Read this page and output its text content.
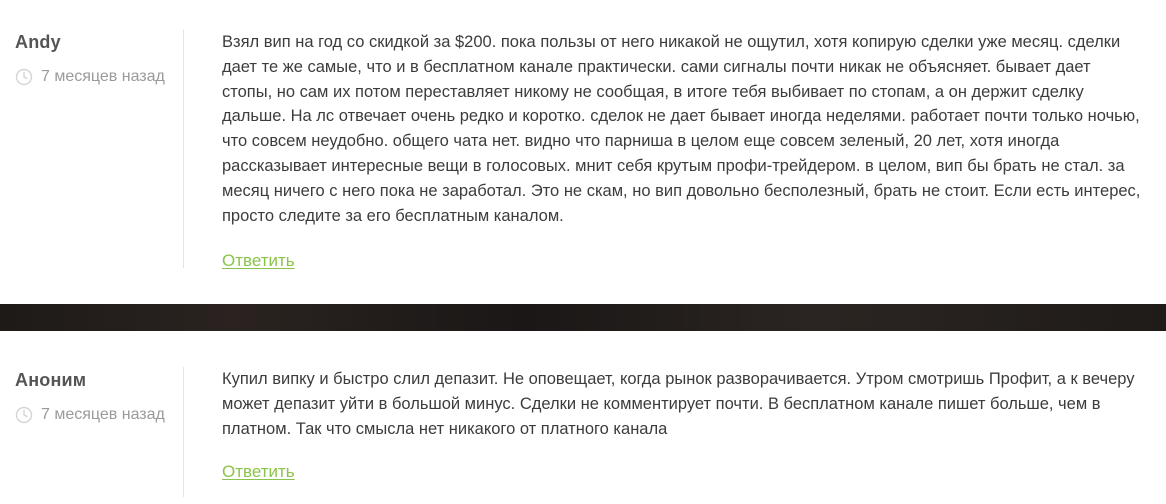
Andy
7 месяцев назад

Взял вип на год со скидкой за $200. пока пользы от него никакой не ощутил, хотя копирую сделки уже месяц. сделки дает те же самые, что и в бесплатном канале практически. сами сигналы почти никак не объясняет. бывает дает стопы, но сам их потом переставляет никому не сообщая, в итоге тебя выбивает по стопам, а он держит сделку дальше. На лс отвечает очень редко и коротко. сделок не дает бывает иногда неделями. работает почти только ночью, что совсем неудобно. общего чата нет. видно что парниша в целом еще совсем зеленый, 20 лет, хотя иногда рассказывает интересные вещи в голосовых. мнит себя крутым профи-трейдером. в целом, вип бы брать не стал. за месяц ничего с него пока не заработал. Это не скам, но вип довольно бесполезный, брать не стоит. Если есть интерес, просто следите за его бесплатным каналом.

Ответить
Аноним
7 месяцев назад

Купил випку и быстро слил депазит. Не оповещает, когда рынок разворачивается. Утром смотришь Профит, а к вечеру может депазит уйти в большой минус. Сделки не комментирует почти. В бесплатном канале пишет больше, чем в платном. Так что смысла нет никакого от платного канала

Ответить
